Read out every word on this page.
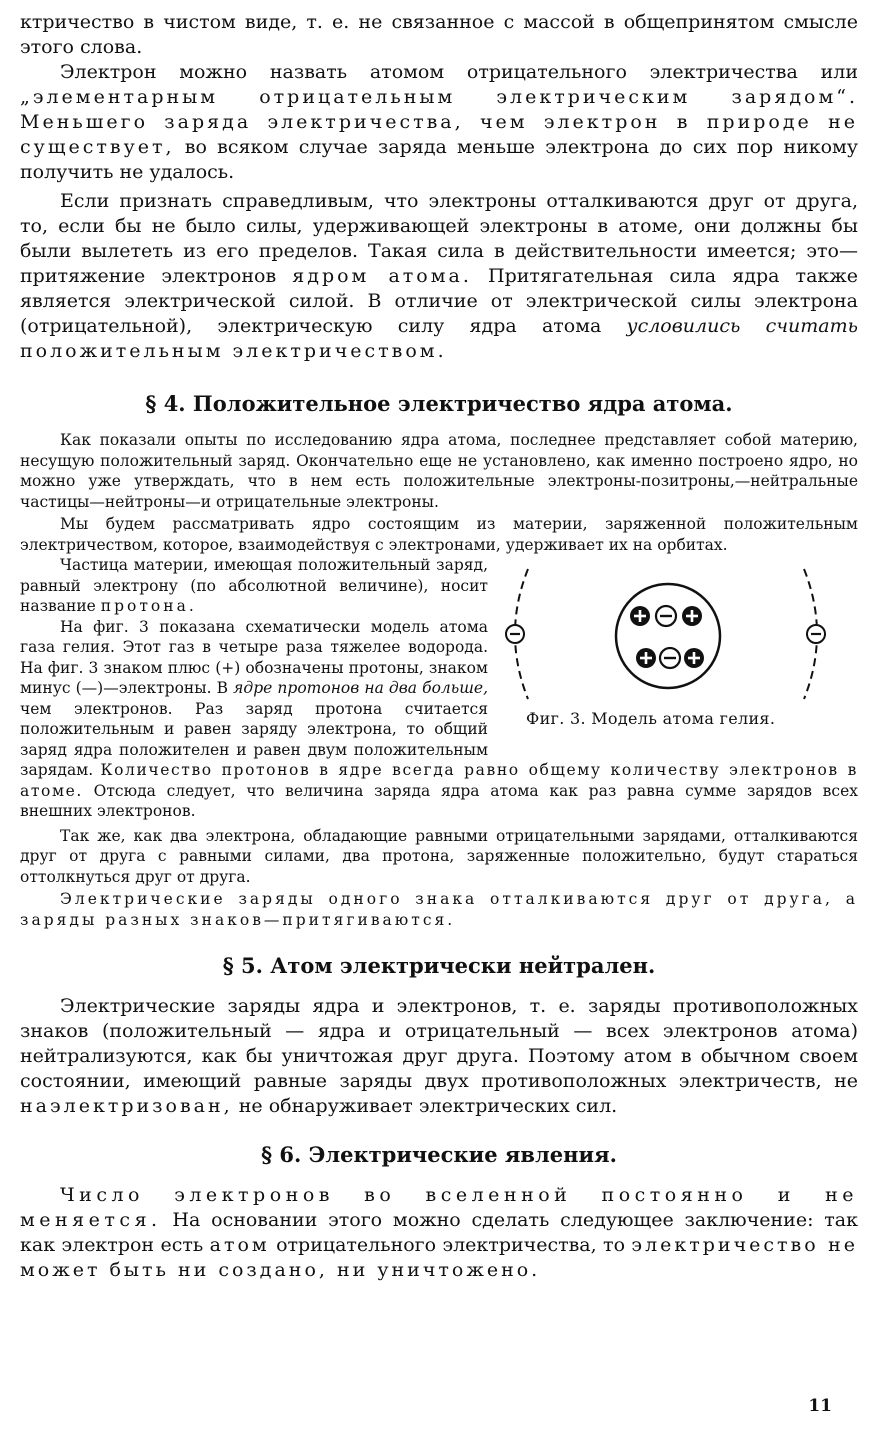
ктричество в чистом виде, т. е. не связанное с массой в общепринятом смысле этого слова.

Электрон можно назвать атомом отрицательного электричества или „элементарным отрицательным электрическим зарядом“. Меньшего заряда электричества, чем электрон в природе не существует, во всяком случае заряда меньше электрона до сих пор никому получить не удалось.

Если признать справедливым, что электроны отталкиваются друг от друга, то, если бы не было силы, удерживающей электроны в атоме, они должны бы были вылететь из его пределов. Такая сила в действительности имеется; это—притяжение электронов ядром атома. Притягательная сила ядра также является электрической силой. В отличие от электрической силы электрона (отрицательной), электрическую силу ядра атома условились считать положительным электричеством.

§ 4. Положительное электричество ядра атома.

Как показали опыты по исследованию ядра атома, последнее представляет собой материю, несущую положительный заряд. Окончательно еще не установлено, как именно построено ядро, но можно уже утверждать, что в нем есть положительные электроны-позитроны,—нейтральные частицы—нейтроны—и отрицательные электроны.

Мы будем рассматривать ядро состоящим из материи, заряженной положительным электричеством, которое, взаимодействуя с электронами, удерживает их на орбитах.

Фиг. 3. Модель атома гелия.

Частица материи, имеющая положительный заряд, равный электрону (по абсолютной величине), носит название протона.

На фиг. 3 показана схематически модель атома газа гелия. Этот газ в четыре раза тяжелее водорода. На фиг. 3 знаком плюс (+) обозначены протоны, знаком минус (—)—электроны. В ядре протонов на два больше, чем электронов. Раз заряд протона считается положительным и равен заряду электрона, то общий заряд ядра положителен и равен двум положительным зарядам. Количество протонов в ядре всегда равно общему количеству электронов в атоме. Отсюда следует, что величина заряда ядра атома как раз равна сумме зарядов всех внешних электронов.

Так же, как два электрона, обладающие равными отрицательными зарядами, отталкиваются друг от друга с равными силами, два протона, заряженные положительно, будут стараться оттолкнуться друг от друга.

Электрические заряды одного знака отталкиваются друг от друга, а заряды разных знаков—притягиваются.

§ 5. Атом электрически нейтрален.

Электрические заряды ядра и электронов, т. е. заряды противоположных знаков (положительный — ядра и отрицательный — всех электронов атома) нейтрализуются, как бы уничтожая друг друга. Поэтому атом в обычном своем состоянии, имеющий равные заряды двух противоположных электричеств, не наэлектризован, не обнаруживает электрических сил.

§ 6. Электрические явления.

Число электронов во вселенной постоянно и не меняется. На основании этого можно сделать следующее заключение: так как электрон есть атом отрицательного электричества, то электричество не может быть ни создано, ни уничтожено.

11
